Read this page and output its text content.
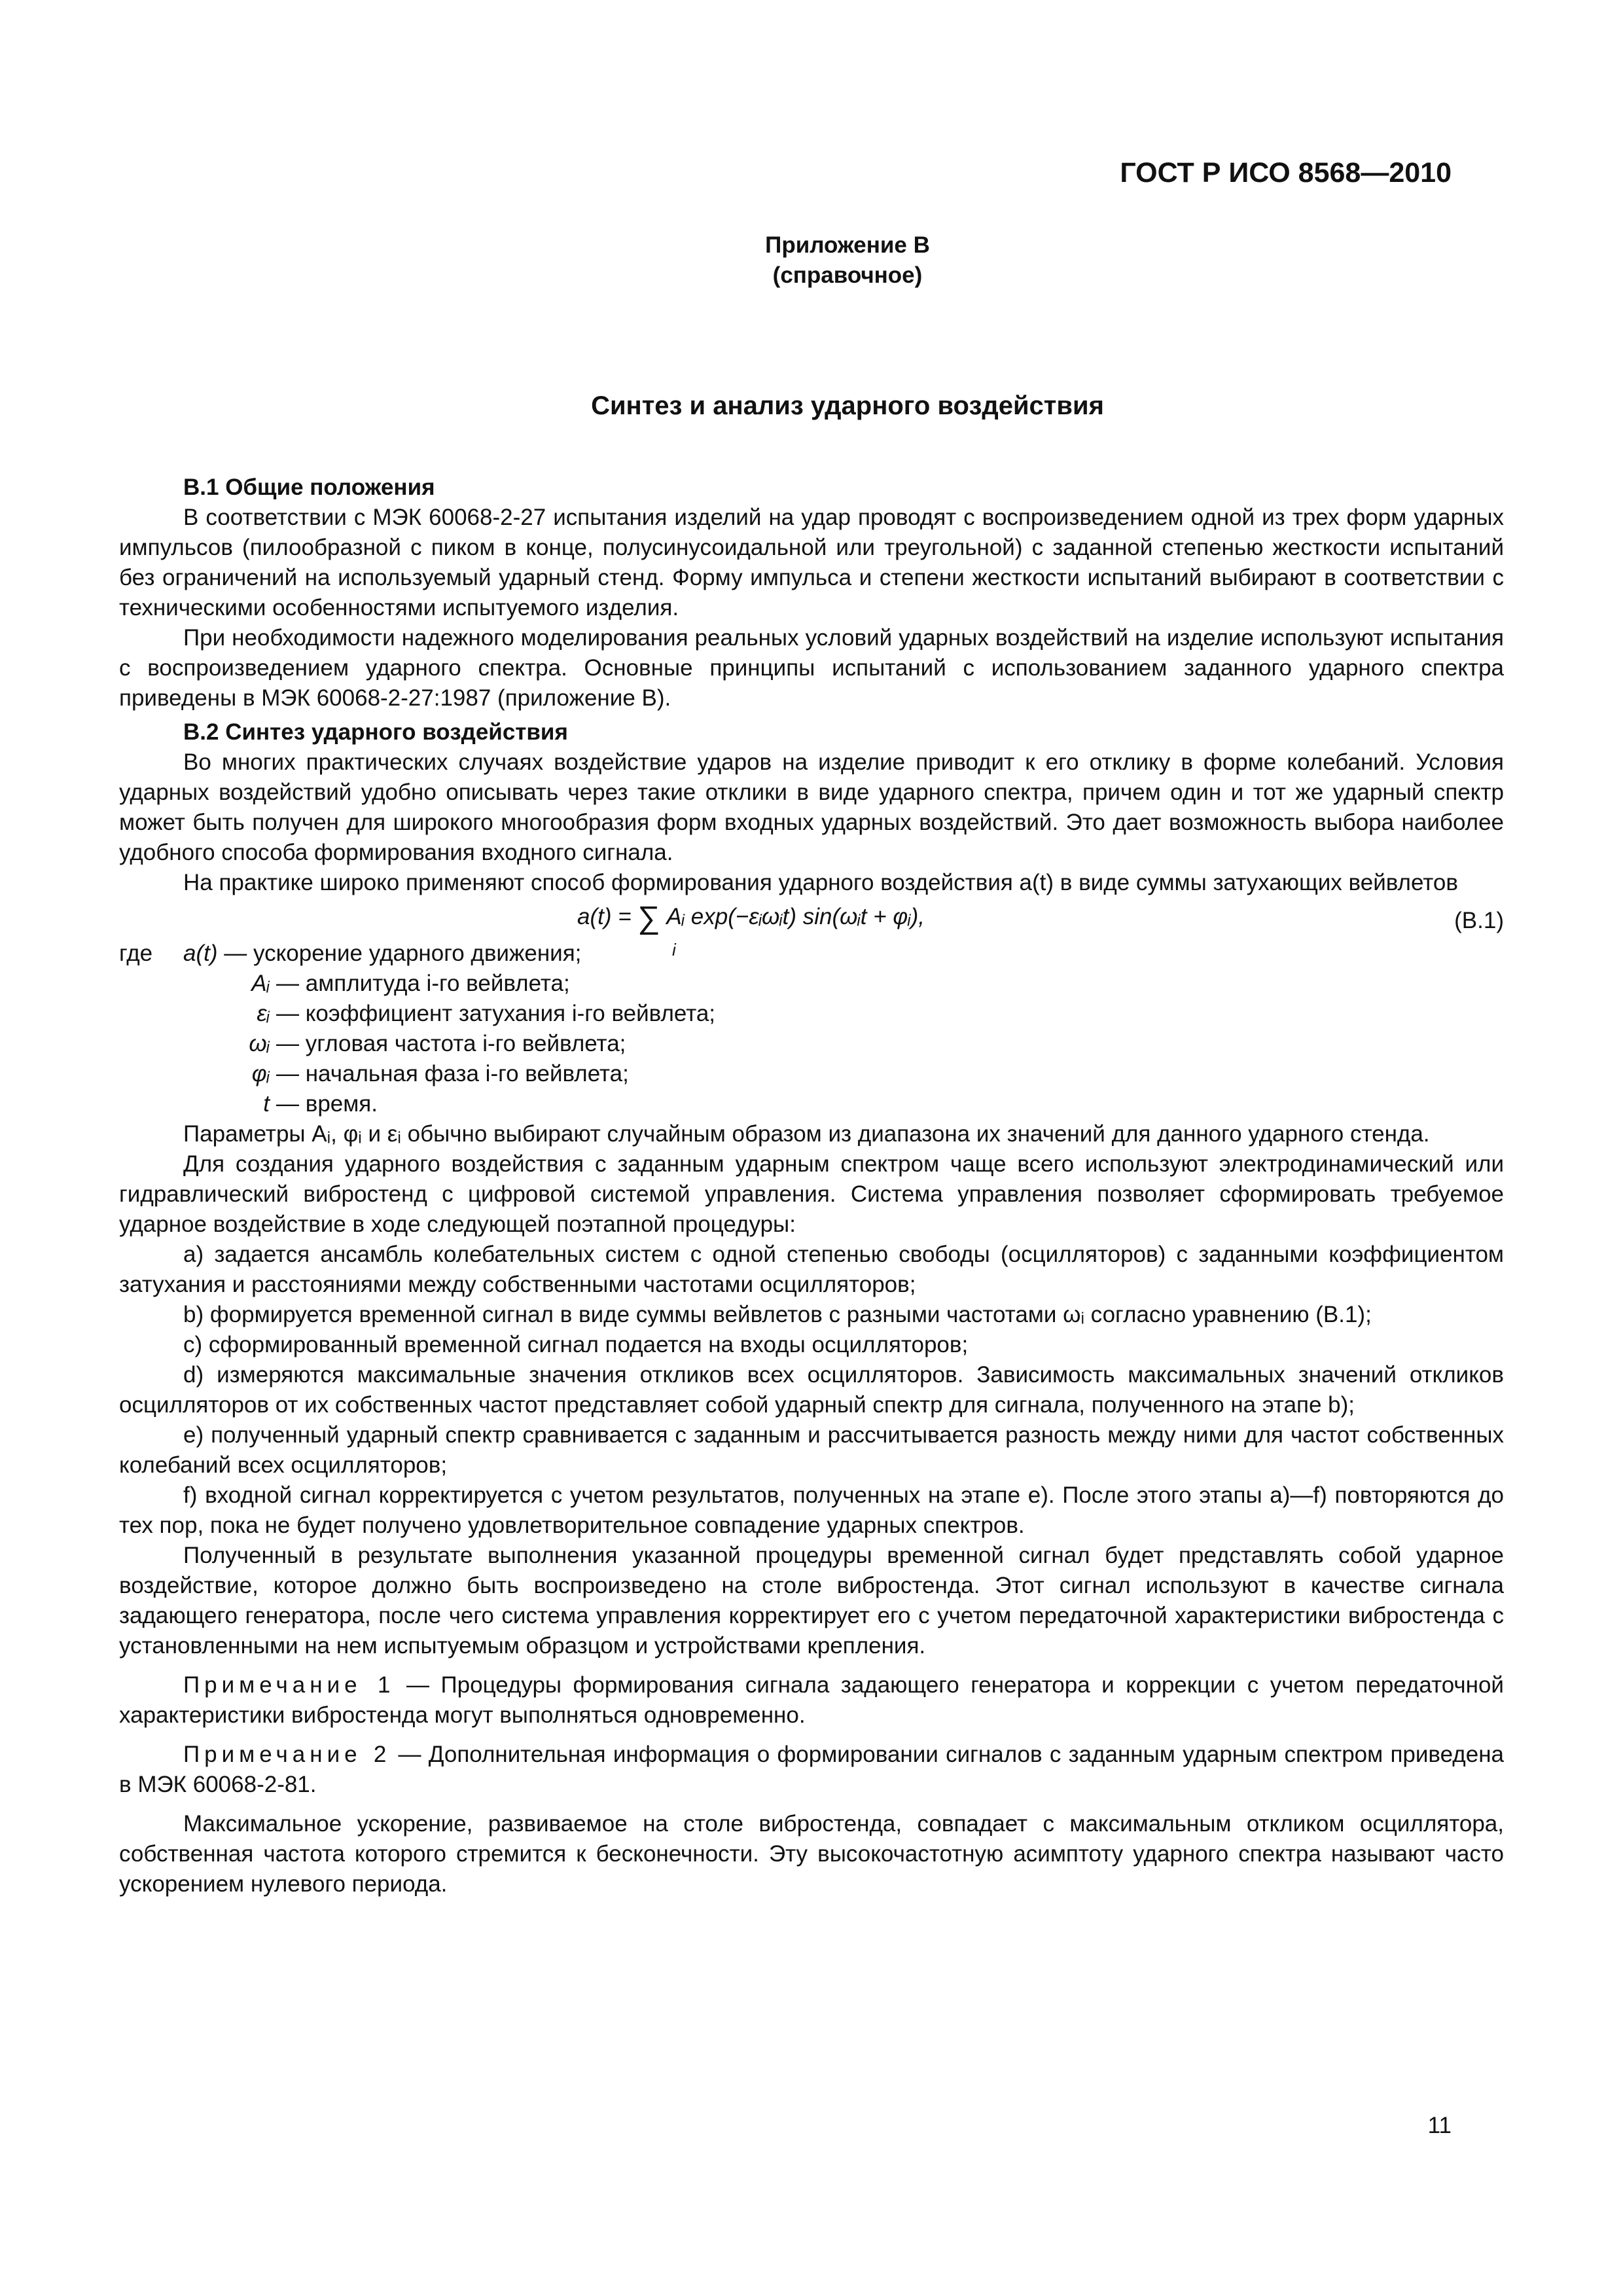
ГОСТ Р ИСО 8568—2010
Приложение В
(справочное)
Синтез и анализ ударного воздействия
В.1 Общие положения

В соответствии с МЭК 60068-2-27 испытания изделий на удар проводят с воспроизведением одной из трех форм ударных импульсов (пилообразной с пиком в конце, полусинусоидальной или треугольной) с заданной степенью жесткости испытаний без ограничений на используемый ударный стенд. Форму импульса и степени жесткости испытаний выбирают в соответствии с техническими особенностями испытуемого изделия.

При необходимости надежного моделирования реальных условий ударных воздействий на изделие используют испытания с воспроизведением ударного спектра. Основные принципы испытаний с использованием заданного ударного спектра приведены в МЭК 60068-2-27:1987 (приложение В).

В.2 Синтез ударного воздействия

Во многих практических случаях воздействие ударов на изделие приводит к его отклику в форме колебаний. Условия ударных воздействий удобно описывать через такие отклики в виде ударного спектра, причем один и тот же ударный спектр может быть получен для широкого многообразия форм входных ударных воздействий. Это дает возможность выбора наиболее удобного способа формирования входного сигнала.

На практике широко применяют способ формирования ударного воздействия a(t) в виде суммы затухающих вейвлетов

a(t) = ∑ Aᵢ exp(−εᵢωᵢt) sin(ωᵢt + φᵢ),
i
(В.1)
где a(t) — ускорение ударного движения;
Aᵢ — амплитуда i-го вейвлета;
εᵢ — коэффициент затухания i-го вейвлета;
ωᵢ — угловая частота i-го вейвлета;
φᵢ — начальная фаза i-го вейвлета;
t — время.

Параметры Aᵢ, φᵢ и εᵢ обычно выбирают случайным образом из диапазона их значений для данного ударного стенда.

Для создания ударного воздействия с заданным ударным спектром чаще всего используют электродинамический или гидравлический вибростенд с цифровой системой управления. Система управления позволяет сформировать требуемое ударное воздействие в ходе следующей поэтапной процедуры:

a) задается ансамбль колебательных систем с одной степенью свободы (осцилляторов) с заданными коэффициентом затухания и расстояниями между собственными частотами осцилляторов;

b) формируется временной сигнал в виде суммы вейвлетов с разными частотами ωᵢ согласно уравнению (В.1);

c) сформированный временной сигнал подается на входы осцилляторов;

d) измеряются максимальные значения откликов всех осцилляторов. Зависимость максимальных значений откликов осцилляторов от их собственных частот представляет собой ударный спектр для сигнала, полученного на этапе b);

e) полученный ударный спектр сравнивается с заданным и рассчитывается разность между ними для частот собственных колебаний всех осцилляторов;

f) входной сигнал корректируется с учетом результатов, полученных на этапе е). После этого этапы а)—f) повторяются до тех пор, пока не будет получено удовлетворительное совпадение ударных спектров.

Полученный в результате выполнения указанной процедуры временной сигнал будет представлять собой ударное воздействие, которое должно быть воспроизведено на столе вибростенда. Этот сигнал используют в качестве сигнала задающего генератора, после чего система управления корректирует его с учетом передаточной характеристики вибростенда с установленными на нем испытуемым образцом и устройствами крепления.

Примечание 1 — Процедуры формирования сигнала задающего генератора и коррекции с учетом передаточной характеристики вибростенда могут выполняться одновременно.

Примечание 2 — Дополнительная информация о формировании сигналов с заданным ударным спектром приведена в МЭК 60068-2-81.

Максимальное ускорение, развиваемое на столе вибростенда, совпадает с максимальным откликом осциллятора, собственная частота которого стремится к бесконечности. Эту высокочастотную асимптоту ударного спектра называют часто ускорением нулевого периода.

11
